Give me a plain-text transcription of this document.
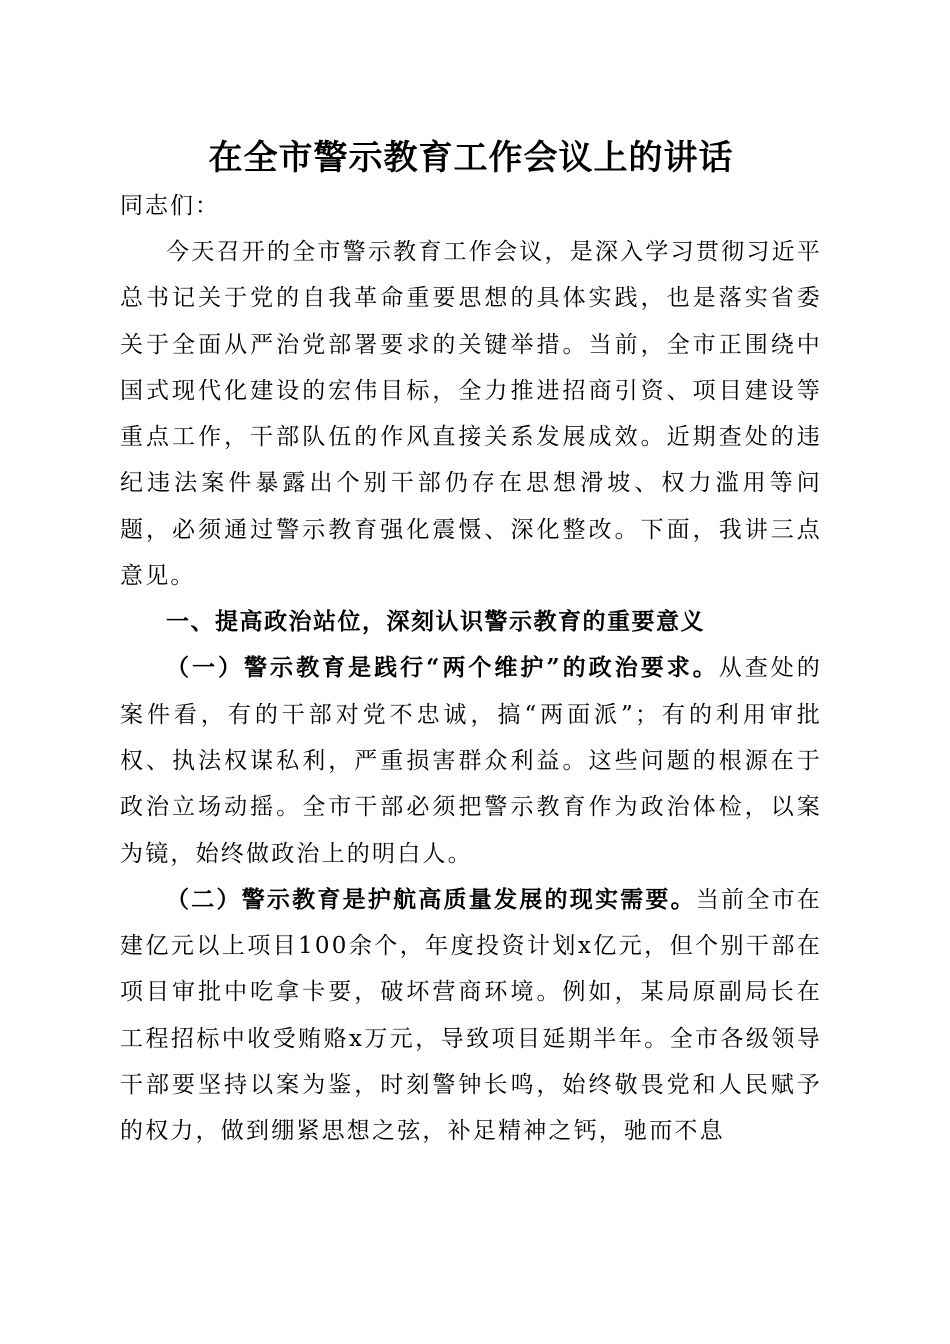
在全市警示教育工作会议上的讲话

同志们：

今天召开的全市警示教育工作会议，是深入学习贯彻习近平总书记关于党的自我革命重要思想的具体实践，也是落实省委关于全面从严治党部署要求的关键举措。当前，全市正围绕中国式现代化建设的宏伟目标，全力推进招商引资、项目建设等重点工作，干部队伍的作风直接关系发展成效。近期查处的违纪违法案件暴露出个别干部仍存在思想滑坡、权力滥用等问题，必须通过警示教育强化震慑、深化整改。下面，我讲三点意见。

一、提高政治站位，深刻认识警示教育的重要意义

（一）警示教育是践行“两个维护”的政治要求。从查处的案件看，有的干部对党不忠诚，搞“两面派”；有的利用审批权、执法权谋私利，严重损害群众利益。这些问题的根源在于政治立场动摇。全市干部必须把警示教育作为政治体检，以案为镜，始终做政治上的明白人。

（二）警示教育是护航高质量发展的现实需要。当前全市在建亿元以上项目100余个，年度投资计划x亿元，但个别干部在项目审批中吃拿卡要，破坏营商环境。例如，某局原副局长在工程招标中收受贿赂x万元，导致项目延期半年。全市各级领导干部要坚持以案为鉴，时刻警钟长鸣，始终敬畏党和人民赋予的权力，做到绷紧思想之弦，补足精神之钙，驰而不息
